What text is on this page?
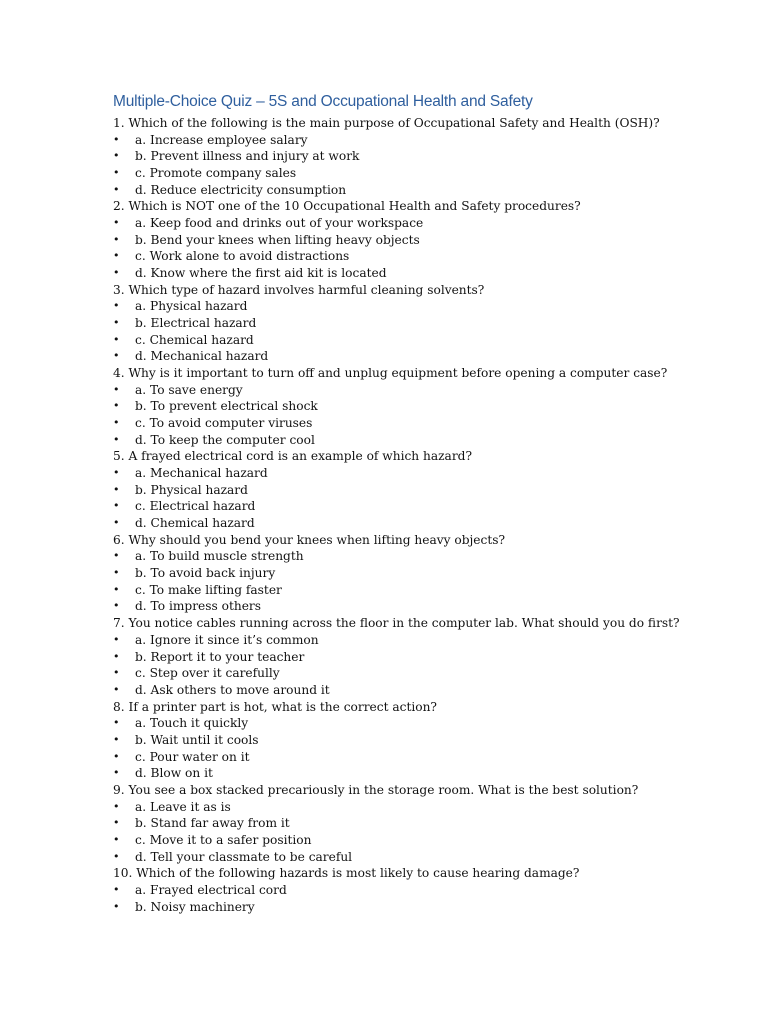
Multiple-Choice Quiz – 5S and Occupational Health and Safety
1. Which of the following is the main purpose of Occupational Safety and Health (OSH)?
•	a. Increase employee salary
•	b. Prevent illness and injury at work
•	c. Promote company sales
•	d. Reduce electricity consumption
2. Which is NOT one of the 10 Occupational Health and Safety procedures?
•	a. Keep food and drinks out of your workspace
•	b. Bend your knees when lifting heavy objects
•	c. Work alone to avoid distractions
•	d. Know where the first aid kit is located
3. Which type of hazard involves harmful cleaning solvents?
•	a. Physical hazard
•	b. Electrical hazard
•	c. Chemical hazard
•	d. Mechanical hazard
4. Why is it important to turn off and unplug equipment before opening a computer case?
•	a. To save energy
•	b. To prevent electrical shock
•	c. To avoid computer viruses
•	d. To keep the computer cool
5. A frayed electrical cord is an example of which hazard?
•	a. Mechanical hazard
•	b. Physical hazard
•	c. Electrical hazard
•	d. Chemical hazard
6. Why should you bend your knees when lifting heavy objects?
•	a. To build muscle strength
•	b. To avoid back injury
•	c. To make lifting faster
•	d. To impress others
7. You notice cables running across the floor in the computer lab. What should you do first?
•	a. Ignore it since it’s common
•	b. Report it to your teacher
•	c. Step over it carefully
•	d. Ask others to move around it
8. If a printer part is hot, what is the correct action?
•	a. Touch it quickly
•	b. Wait until it cools
•	c. Pour water on it
•	d. Blow on it
9. You see a box stacked precariously in the storage room. What is the best solution?
•	a. Leave it as is
•	b. Stand far away from it
•	c. Move it to a safer position
•	d. Tell your classmate to be careful
10. Which of the following hazards is most likely to cause hearing damage?
•	a. Frayed electrical cord
•	b. Noisy machinery
